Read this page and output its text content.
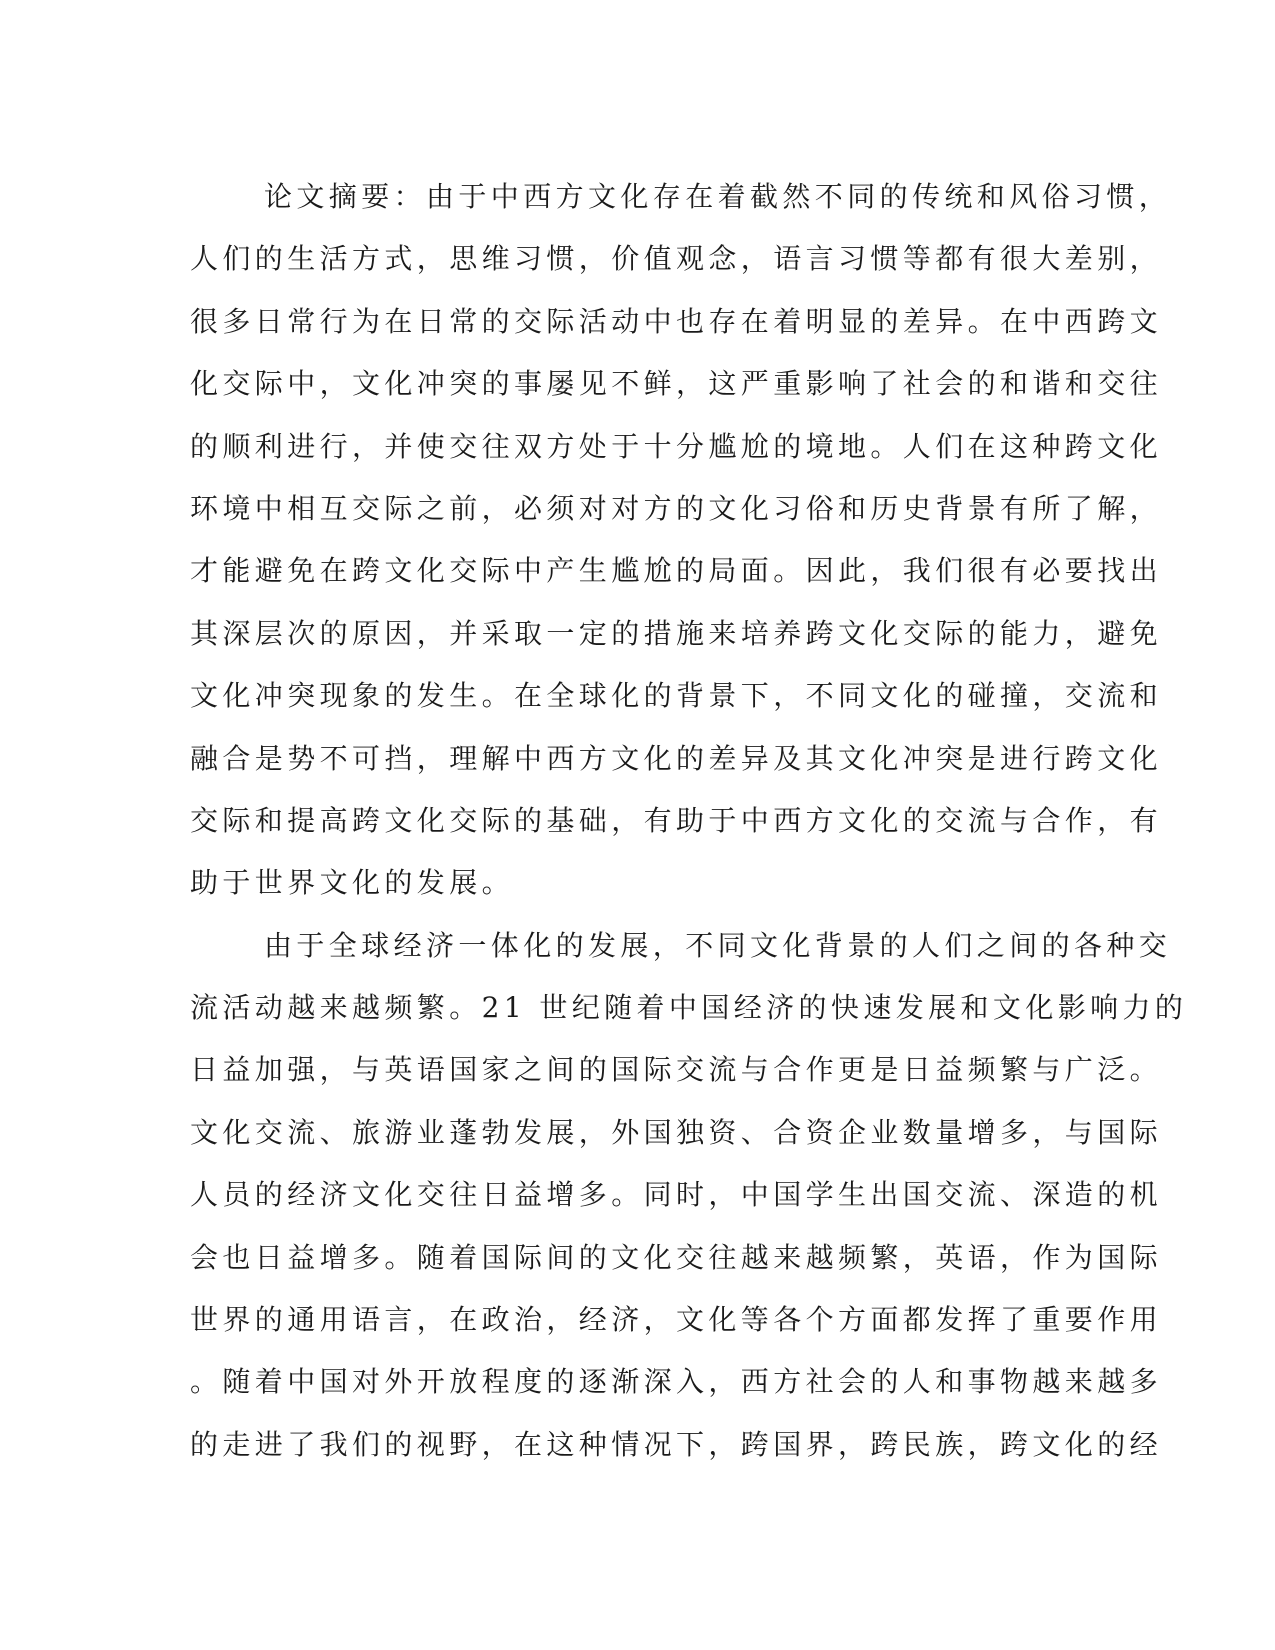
论文摘要：由于中西方文化存在着截然不同的传统和风俗习惯，
人们的生活方式，思维习惯，价值观念，语言习惯等都有很大差别，
很多日常行为在日常的交际活动中也存在着明显的差异。在中西跨文
化交际中，文化冲突的事屡见不鲜，这严重影响了社会的和谐和交往
的顺利进行，并使交往双方处于十分尴尬的境地。人们在这种跨文化
环境中相互交际之前，必须对对方的文化习俗和历史背景有所了解，
才能避免在跨文化交际中产生尴尬的局面。因此，我们很有必要找出
其深层次的原因，并采取一定的措施来培养跨文化交际的能力，避免
文化冲突现象的发生。在全球化的背景下，不同文化的碰撞，交流和
融合是势不可挡，理解中西方文化的差异及其文化冲突是进行跨文化
交际和提高跨文化交际的基础，有助于中西方文化的交流与合作，有
助于世界文化的发展。
由于全球经济一体化的发展，不同文化背景的人们之间的各种交
流活动越来越频繁。21 世纪随着中国经济的快速发展和文化影响力的
日益加强，与英语国家之间的国际交流与合作更是日益频繁与广泛。
文化交流、旅游业蓬勃发展，外国独资、合资企业数量增多，与国际
人员的经济文化交往日益增多。同时，中国学生出国交流、深造的机
会也日益增多。随着国际间的文化交往越来越频繁，英语，作为国际
世界的通用语言，在政治，经济，文化等各个方面都发挥了重要作用
。随着中国对外开放程度的逐渐深入，西方社会的人和事物越来越多
的走进了我们的视野，在这种情况下，跨国界，跨民族，跨文化的经
